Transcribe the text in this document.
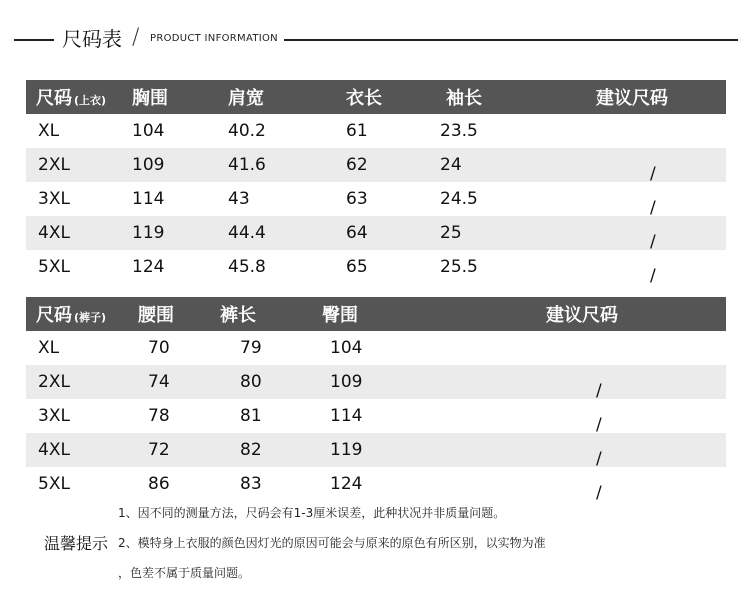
尺码表 / PRODUCT INFORMATION
尺码 (上衣)	胸围	肩宽	衣长	袖长	建议尺码
XL	104	40.2	61	23.5	
2XL	109	41.6	62	24	/
3XL	114	43	63	24.5	/
4XL	119	44.4	64	25	/
5XL	124	45.8	65	25.5	/
尺码 (裤子)	腰围	裤长	臀围		建议尺码
XL	70	79	104		
2XL	74	80	109		/
3XL	78	81	114		/
4XL	72	82	119		/
5XL	86	83	124		/
温馨提示
1、因不同的测量方法，尺码会有1-3厘米误差，此种状况并非质量问题。
2、模特身上衣服的颜色因灯光的原因可能会与原来的原色有所区别，以实物为准
，色差不属于质量问题。
